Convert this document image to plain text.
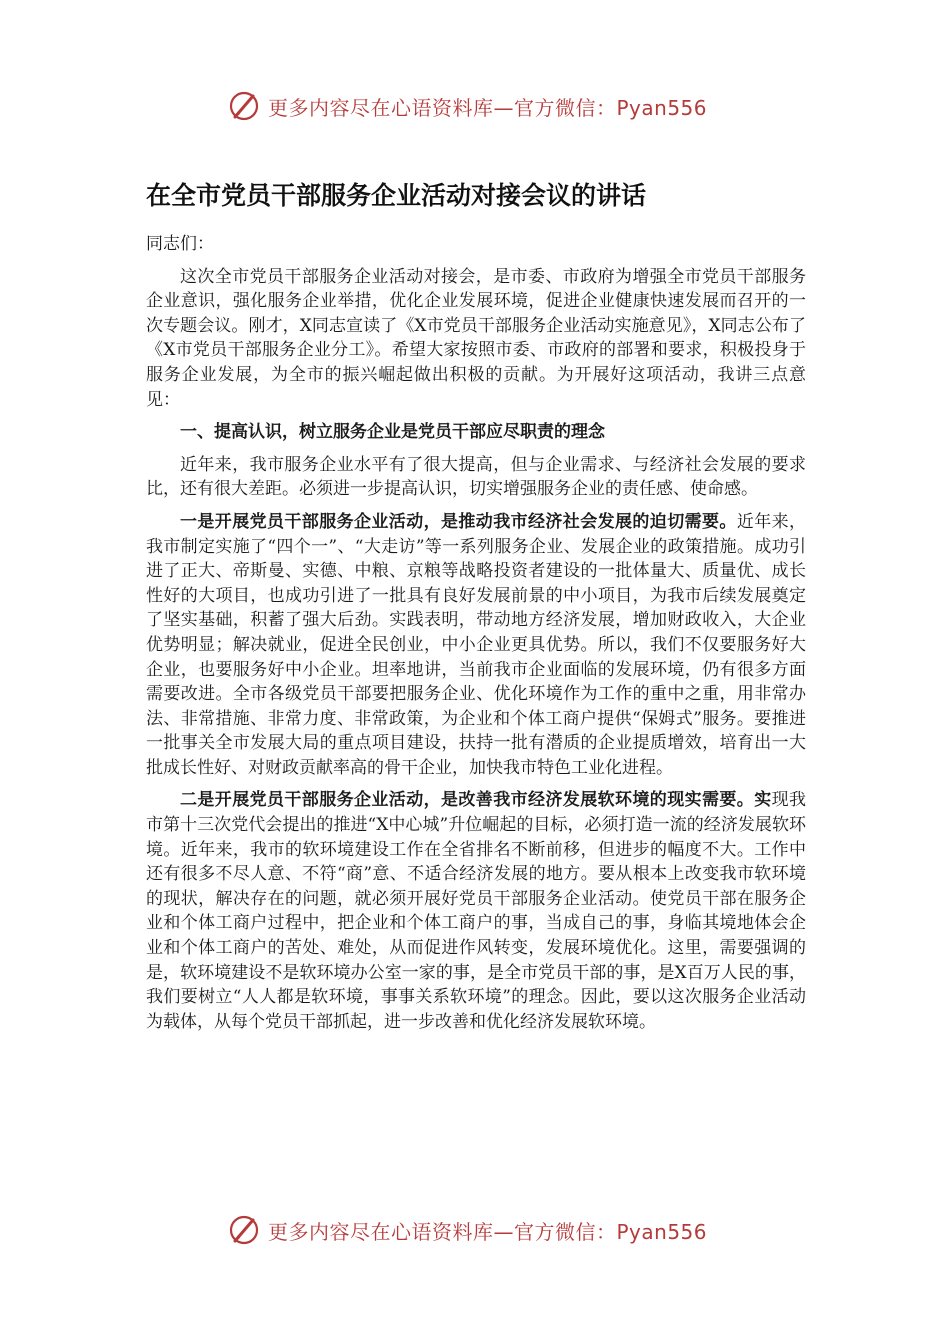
更多内容尽在心语资料库—官方微信：Pyan556
在全市党员干部服务企业活动对接会议的讲话

同志们：

这次全市党员干部服务企业活动对接会，是市委、市政府为增强全市党员干部服务企业意识，强化服务企业举措，优化企业发展环境，促进企业健康快速发展而召开的一次专题会议。刚才，X同志宣读了《X市党员干部服务企业活动实施意见》，X同志公布了《X市党员干部服务企业分工》。希望大家按照市委、市政府的部署和要求，积极投身于服务企业发展，为全市的振兴崛起做出积极的贡献。为开展好这项活动，我讲三点意见：

一、提高认识，树立服务企业是党员干部应尽职责的理念

近年来，我市服务企业水平有了很大提高，但与企业需求、与经济社会发展的要求比，还有很大差距。必须进一步提高认识，切实增强服务企业的责任感、使命感。

一是开展党员干部服务企业活动，是推动我市经济社会发展的迫切需要。近年来，我市制定实施了“四个一”、“大走访”等一系列服务企业、发展企业的政策措施。成功引进了正大、帝斯曼、实德、中粮、京粮等战略投资者建设的一批体量大、质量优、成长性好的大项目，也成功引进了一批具有良好发展前景的中小项目，为我市后续发展奠定了坚实基础，积蓄了强大后劲。实践表明，带动地方经济发展，增加财政收入，大企业优势明显；解决就业，促进全民创业，中小企业更具优势。所以，我们不仅要服务好大企业，也要服务好中小企业。坦率地讲，当前我市企业面临的发展环境，仍有很多方面需要改进。全市各级党员干部要把服务企业、优化环境作为工作的重中之重，用非常办法、非常措施、非常力度、非常政策，为企业和个体工商户提供“保姆式”服务。要推进一批事关全市发展大局的重点项目建设，扶持一批有潜质的企业提质增效，培育出一大批成长性好、对财政贡献率高的骨干企业，加快我市特色工业化进程。

二是开展党员干部服务企业活动，是改善我市经济发展软环境的现实需要。实现我市第十三次党代会提出的推进“X中心城”升位崛起的目标，必须打造一流的经济发展软环境。近年来，我市的软环境建设工作在全省排名不断前移，但进步的幅度不大。工作中还有很多不尽人意、不符“商”意、不适合经济发展的地方。要从根本上改变我市软环境的现状，解决存在的问题，就必须开展好党员干部服务企业活动。使党员干部在服务企业和个体工商户过程中，把企业和个体工商户的事，当成自己的事，身临其境地体会企业和个体工商户的苦处、难处，从而促进作风转变，发展环境优化。这里，需要强调的是，软环境建设不是软环境办公室一家的事，是全市党员干部的事，是X百万人民的事，我们要树立“人人都是软环境，事事关系软环境”的理念。因此，要以这次服务企业活动为载体，从每个党员干部抓起，进一步改善和优化经济发展软环境。

更多内容尽在心语资料库—官方微信：Pyan556
